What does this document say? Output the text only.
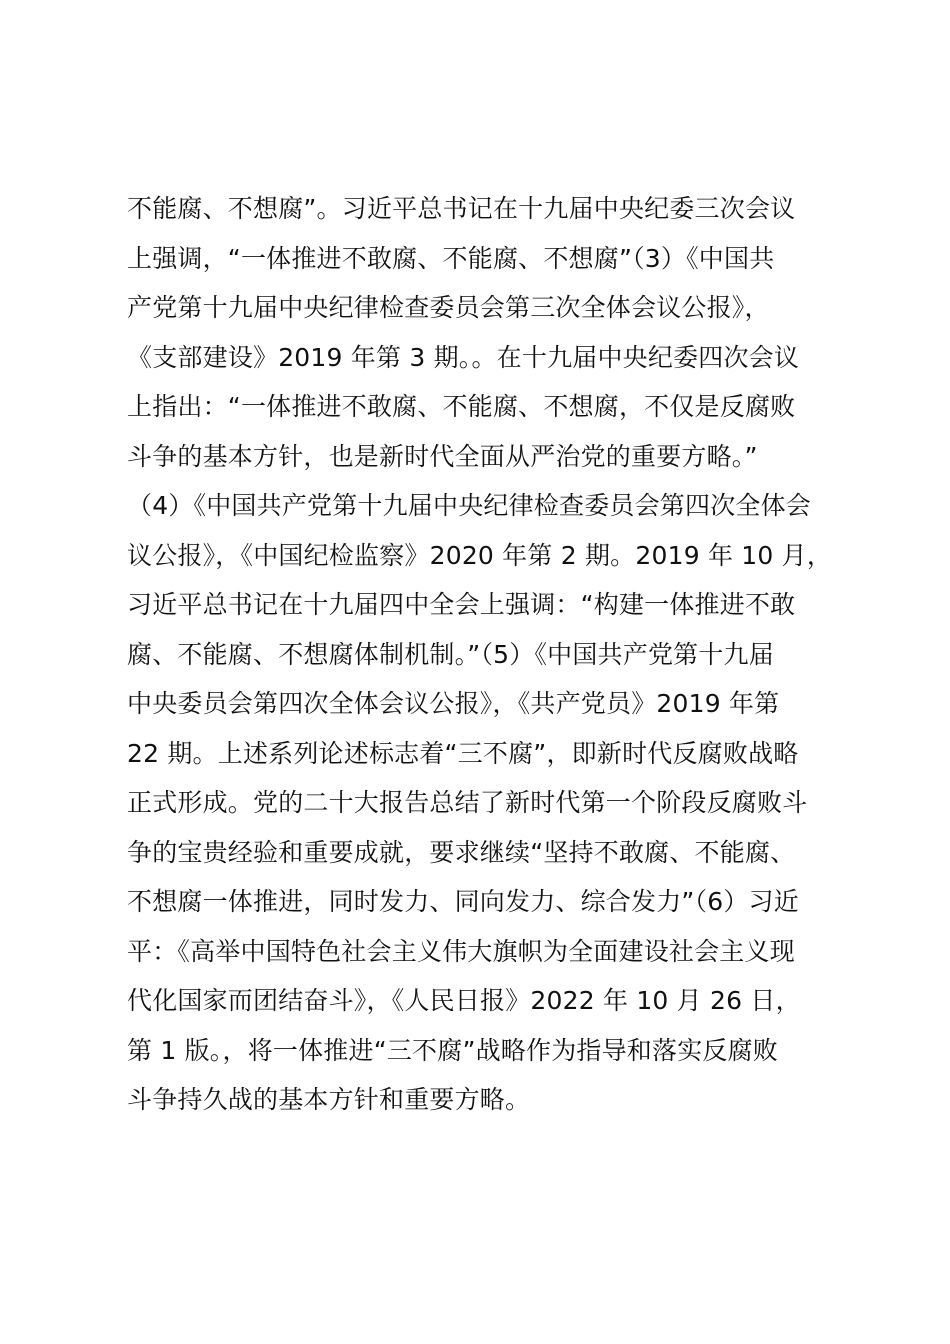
不能腐、不想腐”。习近平总书记在十九届中央纪委三次会议
上强调，“一体推进不敢腐、不能腐、不想腐”（3）《中国共
产党第十九届中央纪律检查委员会第三次全体会议公报》，
《支部建设》2019 年第 3 期。。在十九届中央纪委四次会议
上指出：“一体推进不敢腐、不能腐、不想腐，不仅是反腐败
斗争的基本方针，也是新时代全面从严治党的重要方略。”
（4）《中国共产党第十九届中央纪律检查委员会第四次全体会
议公报》，《中国纪检监察》2020 年第 2 期。2019 年 10 月，
习近平总书记在十九届四中全会上强调：“构建一体推进不敢
腐、不能腐、不想腐体制机制。”（5）《中国共产党第十九届
中央委员会第四次全体会议公报》，《共产党员》2019 年第
22 期。上述系列论述标志着“三不腐”，即新时代反腐败战略
正式形成。党的二十大报告总结了新时代第一个阶段反腐败斗
争的宝贵经验和重要成就，要求继续“坚持不敢腐、不能腐、
不想腐一体推进，同时发力、同向发力、综合发力”（6）习近
平：《高举中国特色社会主义伟大旗帜为全面建设社会主义现
代化国家而团结奋斗》，《人民日报》2022 年 10 月 26 日，
第 1 版。，将一体推进“三不腐”战略作为指导和落实反腐败
斗争持久战的基本方针和重要方略。
